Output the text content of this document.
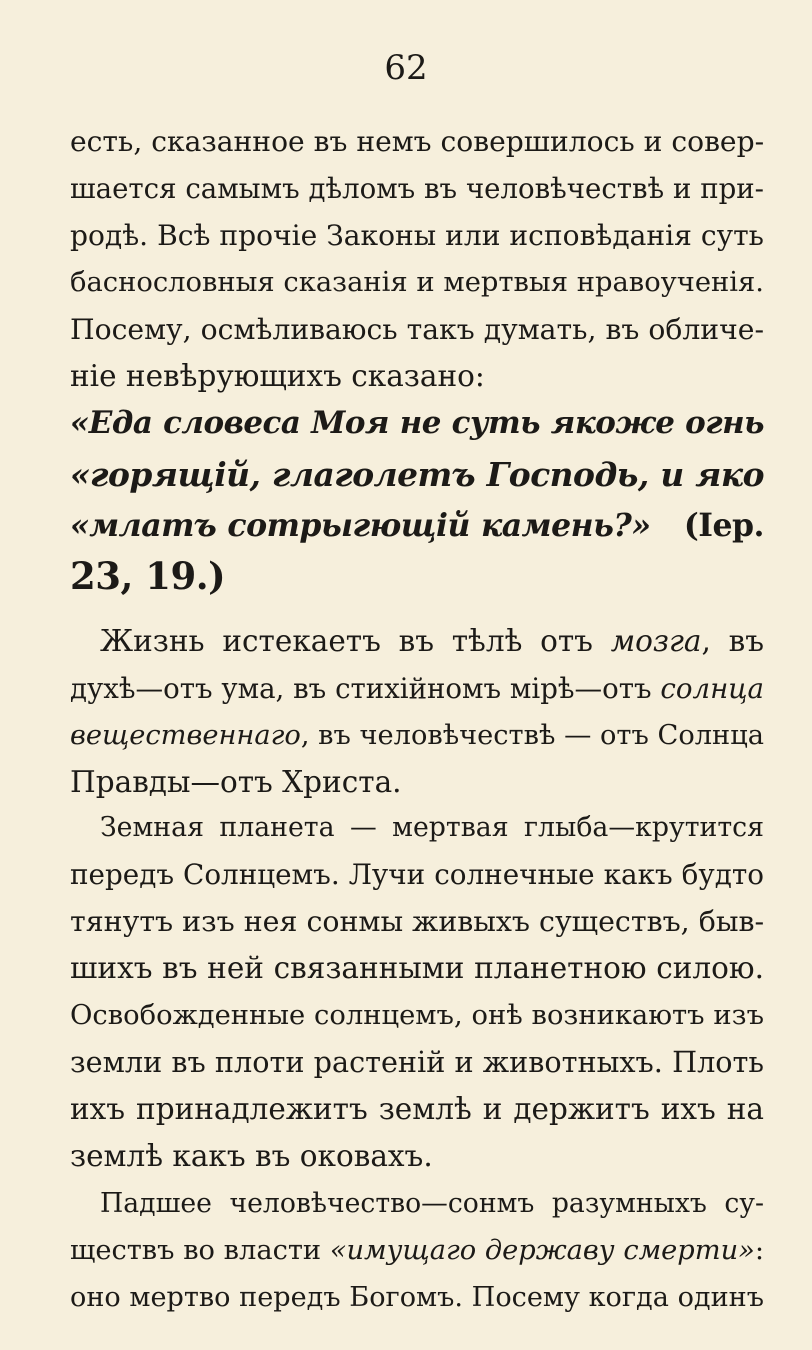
62
есть, сказанное въ немъ совершилось и совер-
шается самымъ дѣломъ въ человѣчествѣ и при-
родѣ. Всѣ прочіе Законы или исповѣданія суть
баснословныя сказанія и мертвыя нравоученія.
Посему, осмѣливаюсь такъ думать, въ обличе-
ніе невѣрующихъ сказано:
«Еда словеса Моя не суть якоже огнь
«горящій, глаголетъ Господь, и яко
«млатъ сотрыгющій камень?» (Iер.
23, 19.)
Жизнь истекаетъ въ тѣлѣ отъ мозга, въ
духѣ—отъ ума, въ стихійномъ мірѣ—отъ солнца
вещественнаго, въ человѣчествѣ — отъ Солнца
Правды—отъ Христа.
Земная планета — мертвая глыба—крутится
передъ Солнцемъ. Лучи солнечные какъ будто
тянутъ изъ нея сонмы живыхъ существъ, быв-
шихъ въ ней связанными планетною силою.
Освобожденные солнцемъ, онѣ возникаютъ изъ
земли въ плоти растеній и животныхъ. Плоть
ихъ принадлежитъ землѣ и держитъ ихъ на
землѣ какъ въ оковахъ.
Падшее человѣчество—сонмъ разумныхъ су-
ществъ во власти «имущаго державу смерти»:
оно мертво передъ Богомъ. Посему когда одинъ
